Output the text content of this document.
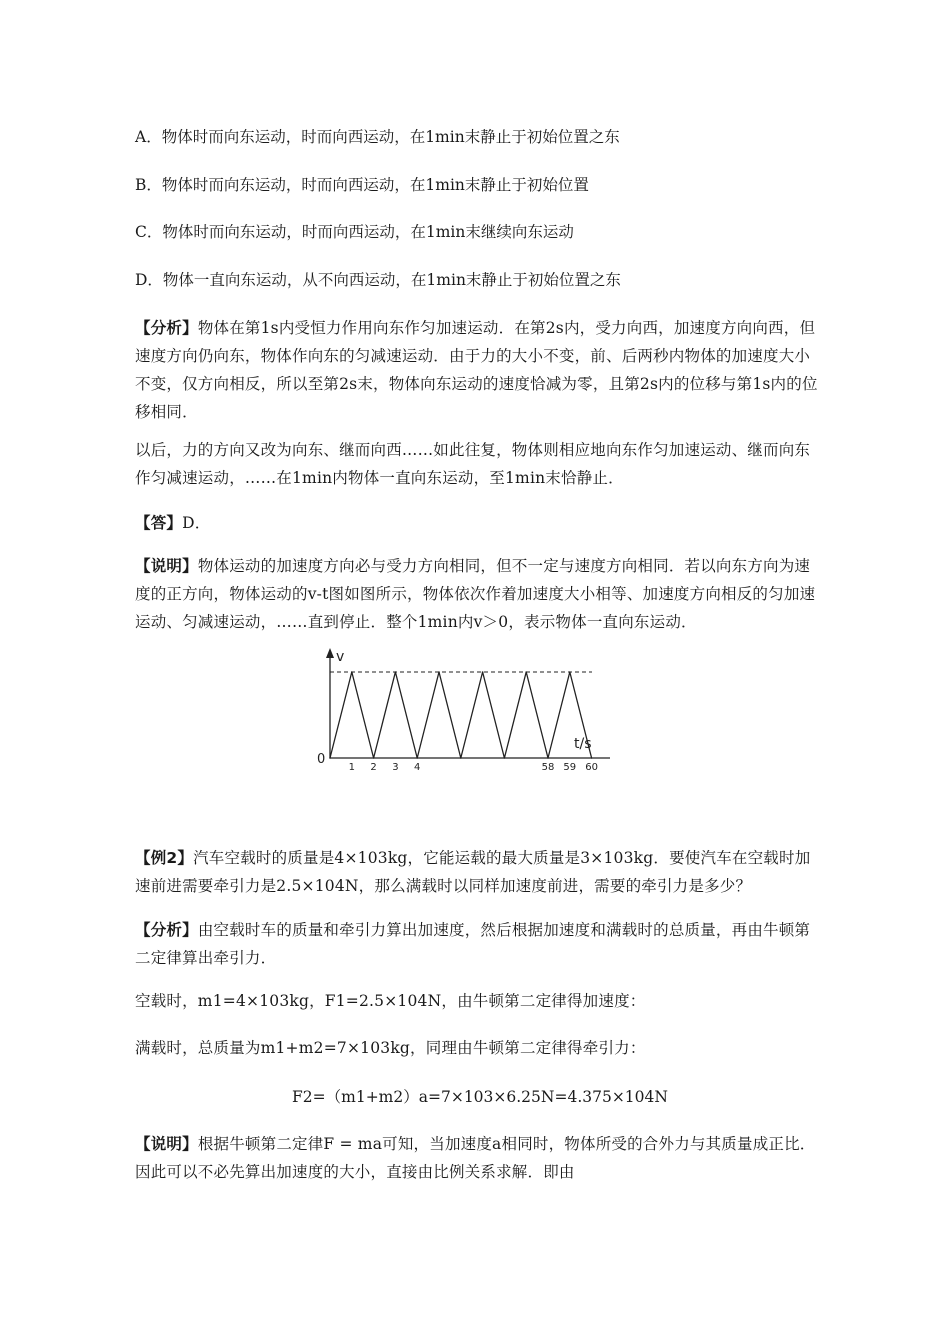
A．物体时而向东运动，时而向西运动，在1min末静止于初始位置之东
B．物体时而向东运动，时而向西运动，在1min末静止于初始位置
C．物体时而向东运动，时而向西运动，在1min末继续向东运动
D．物体一直向东运动，从不向西运动，在1min末静止于初始位置之东

【分析】物体在第1s内受恒力作用向东作匀加速运动．在第2s内，受力向西，加速度方向向西，但速度方向仍向东，物体作向东的匀减速运动．由于力的大小不变，前、后两秒内物体的加速度大小不变，仅方向相反，所以至第2s末，物体向东运动的速度恰减为零，且第2s内的位移与第1s内的位移相同．

以后，力的方向又改为向东、继而向西……如此往复，物体则相应地向东作匀加速运动、继而向东作匀减速运动，……在1min内物体一直向东运动，至1min末恰静止．

【答】D．

【说明】物体运动的加速度方向必与受力方向相同，但不一定与速度方向相同．若以向东方向为速度的正方向，物体运动的v-t图如图所示，物体依次作着加速度大小相等、加速度方向相反的匀加速运动、匀减速运动，……直到停止．整个1min内v＞0，表示物体一直向东运动．

v
t/s
0
1 2 3 4	58 59 60

【例2】汽车空载时的质量是4×103kg，它能运载的最大质量是3×103kg．要使汽车在空载时加速前进需要牵引力是2.5×104N，那么满载时以同样加速度前进，需要的牵引力是多少？

【分析】由空载时车的质量和牵引力算出加速度，然后根据加速度和满载时的总质量，再由牛顿第二定律算出牵引力．

空载时，m1=4×103kg，F1=2.5×104N，由牛顿第二定律得加速度：

满载时，总质量为m1+m2=7×103kg，同理由牛顿第二定律得牵引力：

F2=（m1+m2）a=7×103×6.25N=4.375×104N

【说明】根据牛顿第二定律F = ma可知，当加速度a相同时，物体所受的合外力与其质量成正比．因此可以不必先算出加速度的大小，直接由比例关系求解．即由
